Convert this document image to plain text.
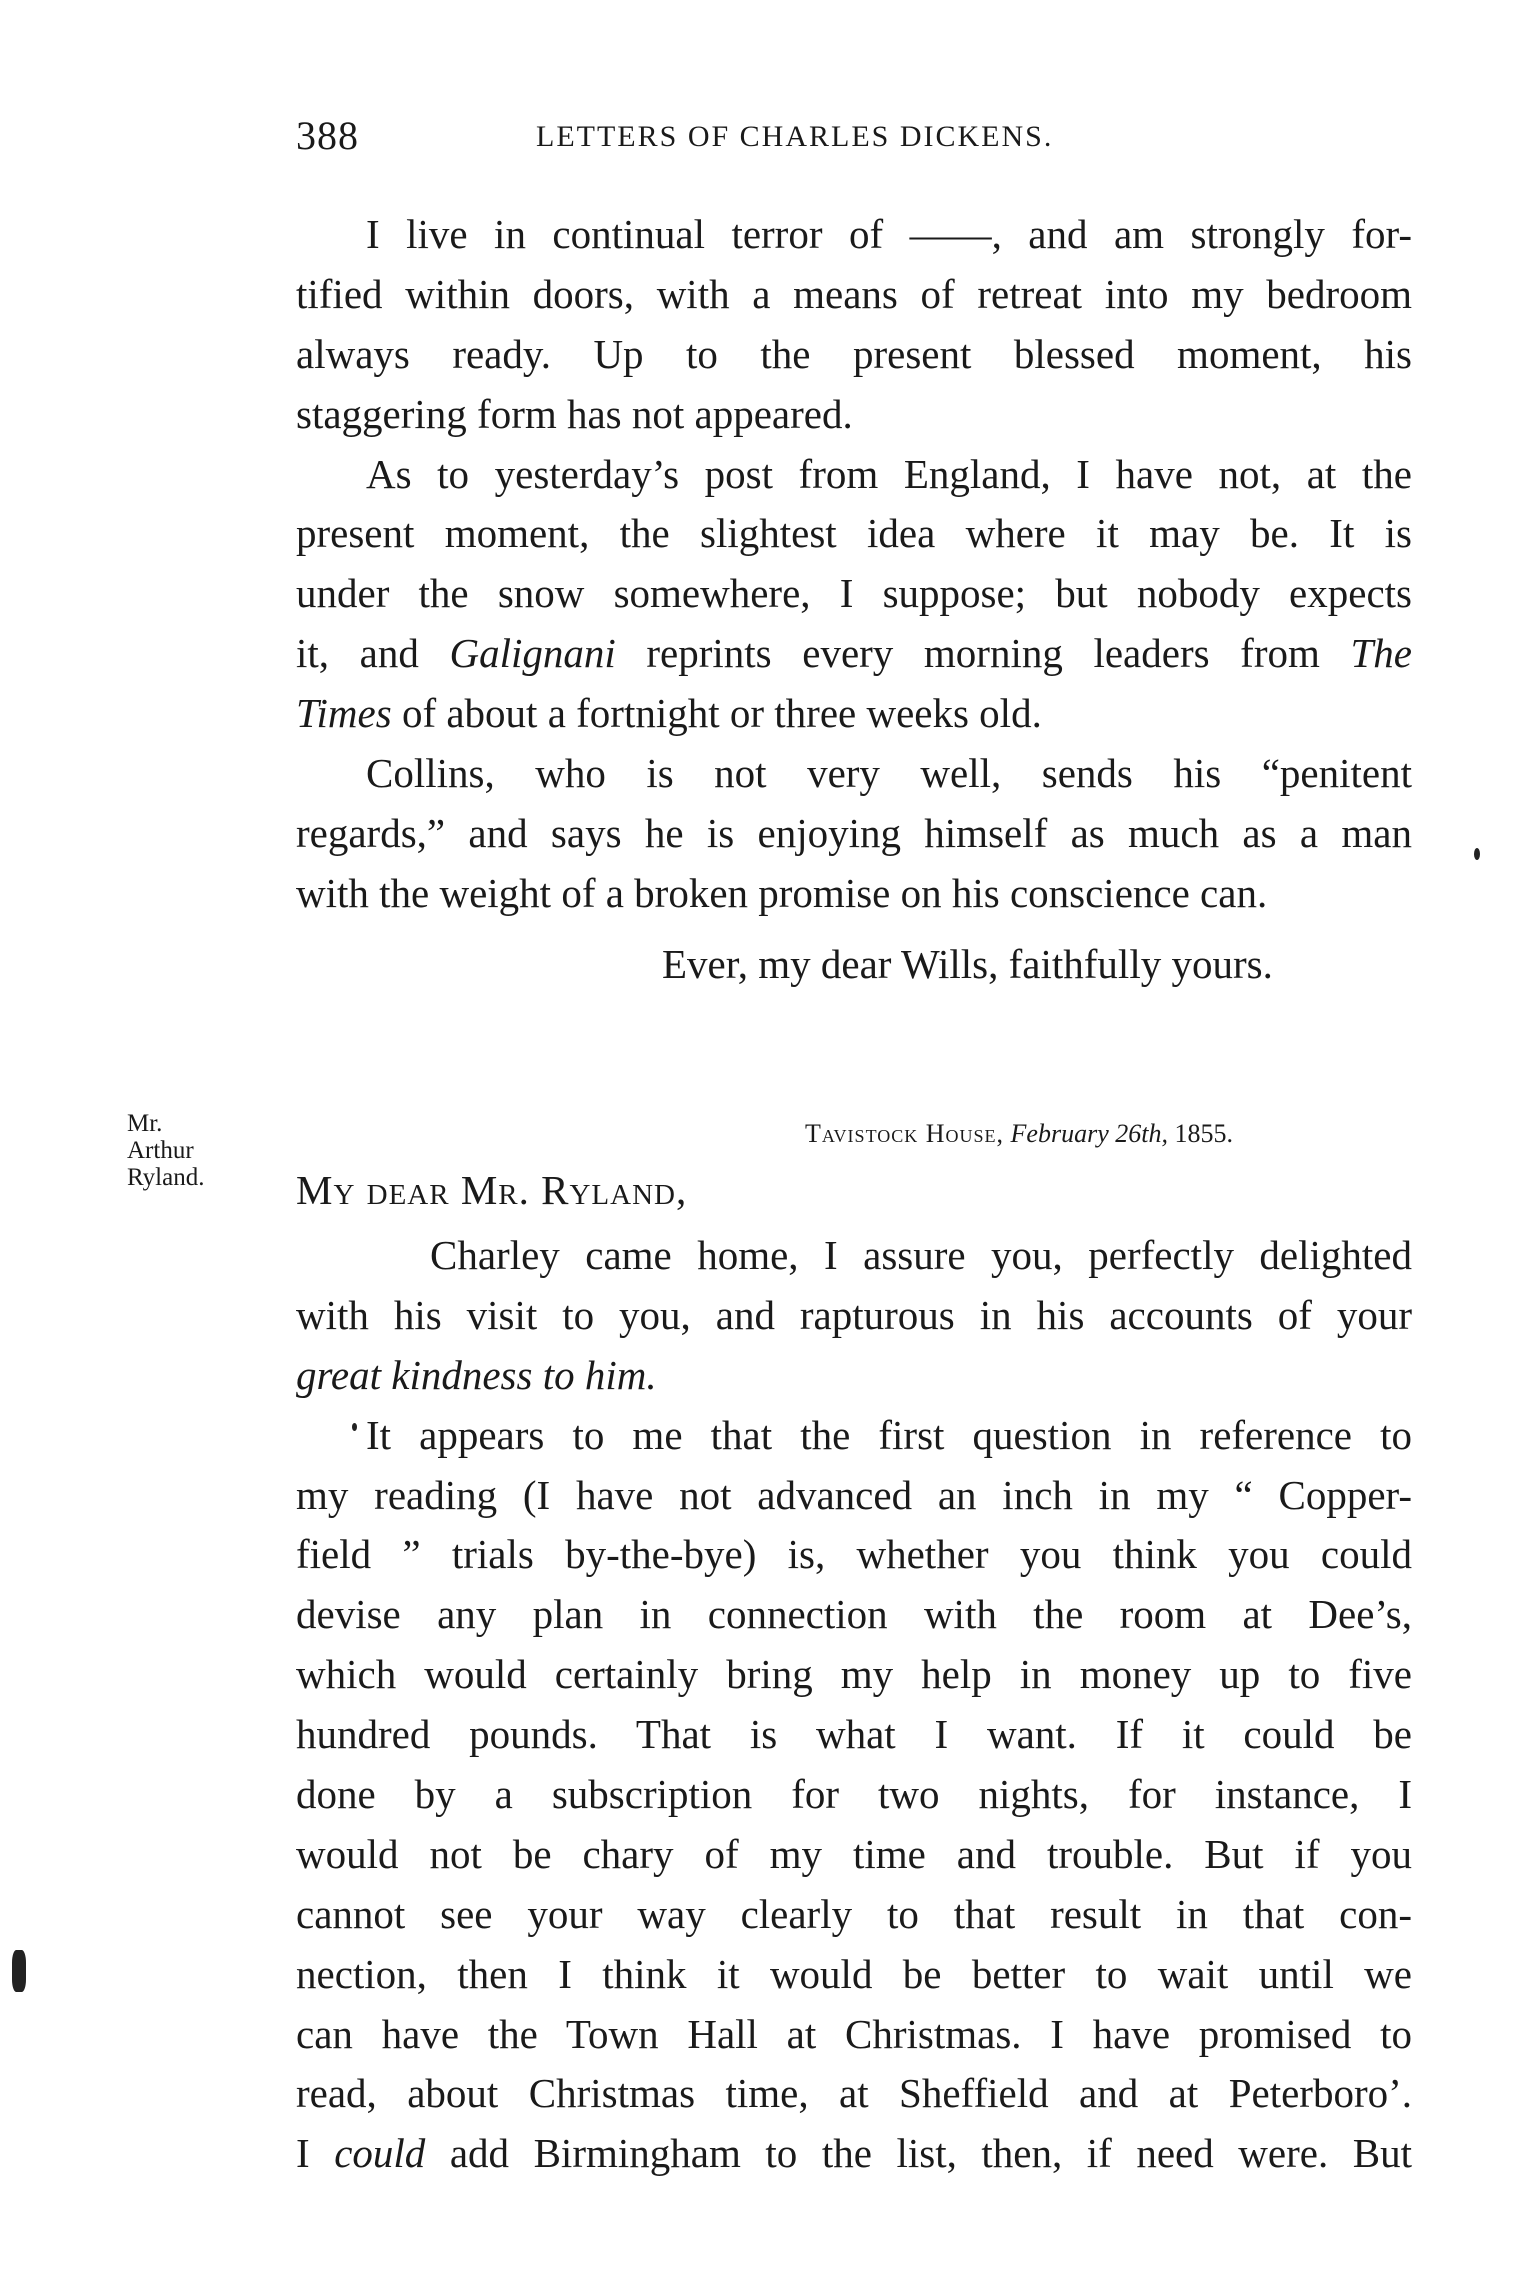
388	LETTERS OF CHARLES DICKENS.
I live in continual terror of ——, and am strongly for-
tified within doors, with a means of retreat into my bedroom
always ready. Up to the present blessed moment, his
staggering form has not appeared.
As to yesterday’s post from England, I have not, at the
present moment, the slightest idea where it may be. It is
under the snow somewhere, I suppose; but nobody expects
it, and Galignani reprints every morning leaders from The
Times of about a fortnight or three weeks old.
Collins, who is not very well, sends his “penitent
regards,” and says he is enjoying himself as much as a man
with the weight of a broken promise on his conscience can.
Ever, my dear Wills, faithfully yours.
Mr.
Arthur
Ryland.
Tavistock House, February 26th, 1855.
My dear Mr. Ryland,
Charley came home, I assure you, perfectly delighted
with his visit to you, and rapturous in his accounts of your
great kindness to him.
It appears to me that the first question in reference to
my reading (I have not advanced an inch in my “ Copper-
field ” trials by-the-bye) is, whether you think you could
devise any plan in connection with the room at Dee’s,
which would certainly bring my help in money up to five
hundred pounds. That is what I want. If it could be
done by a subscription for two nights, for instance, I
would not be chary of my time and trouble. But if you
cannot see your way clearly to that result in that con-
nection, then I think it would be better to wait until we
can have the Town Hall at Christmas. I have promised to
read, about Christmas time, at Sheffield and at Peterboro’.
I could add Birmingham to the list, then, if need were. But
